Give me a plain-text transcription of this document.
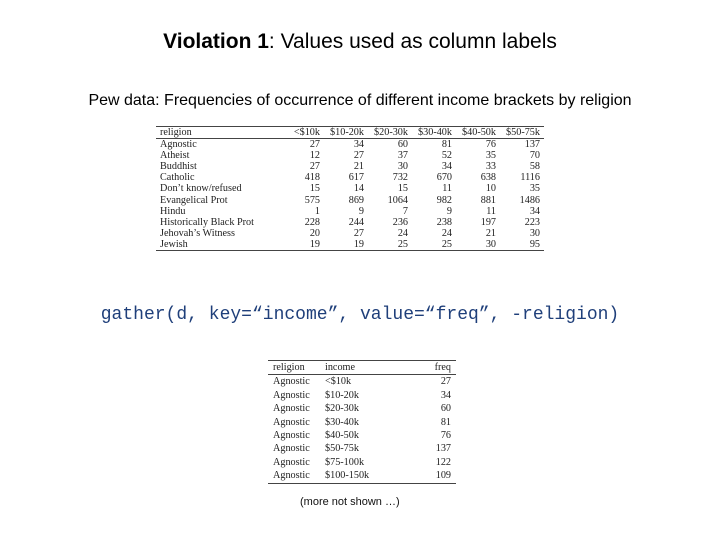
Violation 1: Values used as column labels
Pew data: Frequencies of occurrence of different income brackets by religion
religion	<$10k	$10-20k	$20-30k	$30-40k	$40-50k	$50-75k
Agnostic	27	34	60	81	76	137
Atheist	12	27	37	52	35	70
Buddhist	27	21	30	34	33	58
Catholic	418	617	732	670	638	1116
Don’t know/refused	15	14	15	11	10	35
Evangelical Prot	575	869	1064	982	881	1486
Hindu	1	9	7	9	11	34
Historically Black Prot	228	244	236	238	197	223
Jehovah’s Witness	20	27	24	24	21	30
Jewish	19	19	25	25	30	95
gather(d, key=“income”, value=“freq”, -religion)
religion	income	freq
Agnostic	<$10k	27
Agnostic	$10-20k	34
Agnostic	$20-30k	60
Agnostic	$30-40k	81
Agnostic	$40-50k	76
Agnostic	$50-75k	137
Agnostic	$75-100k	122
Agnostic	$100-150k	109
(more not shown …)
